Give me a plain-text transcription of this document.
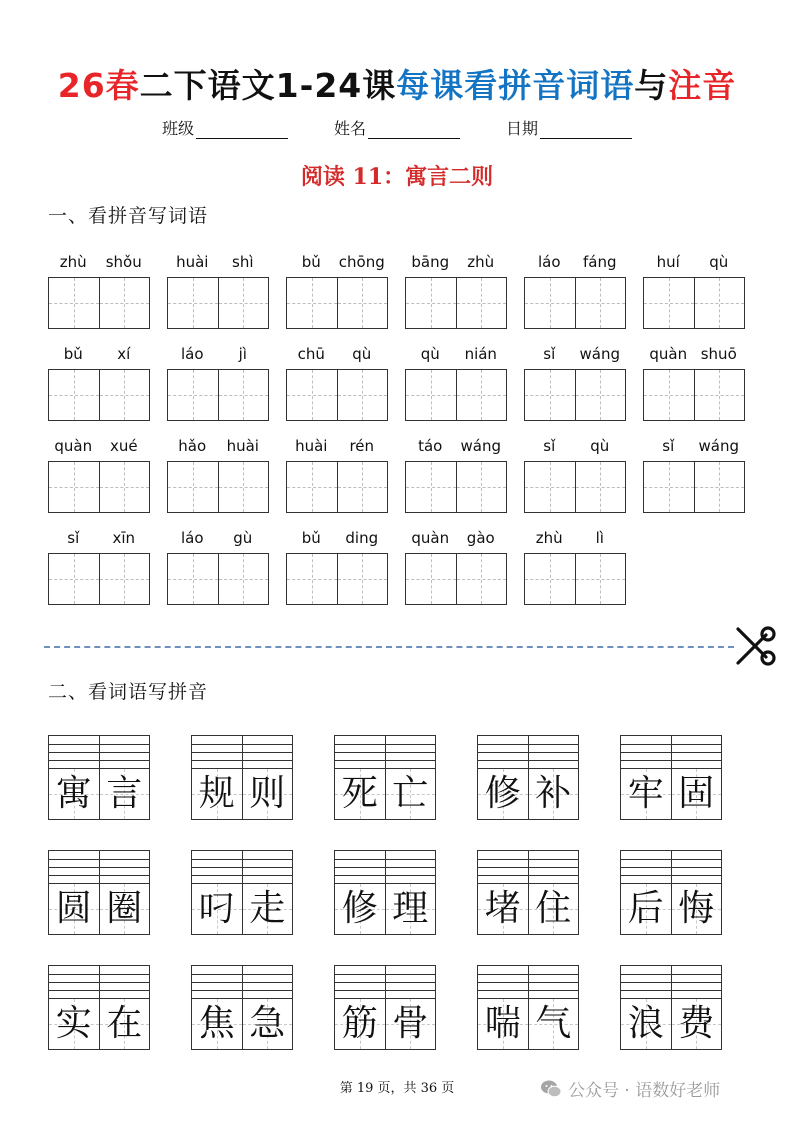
26春二下语文1-24课每课看拼音词语与注音
班级	姓名	日期
阅读 11：寓言二则
一、看拼音写词语
zhù	shǒu	huài	shì	bǔ	chōng	bāng	zhù	láo	fáng	huí	qù
bǔ	xí	láo	jì	chū	qù	qù	nián	sǐ	wáng	quàn shuō
quàn	xué	hǎo	huài	huài	rén	táo	wáng	sǐ	qù	sǐ	wáng
sǐ	xīn	láo	gù	bǔ	ding	quàn	gào	zhù	lì
二、看词语写拼音
寓 言 规 则 死 亡 修 补 牢 固
圆 圈 叼 走 修 理 堵 住 后 悔
实 在 焦 急 筋 骨 喘 气 浪 费
第 19 页，共 36 页	公众号 · 语数好老师
